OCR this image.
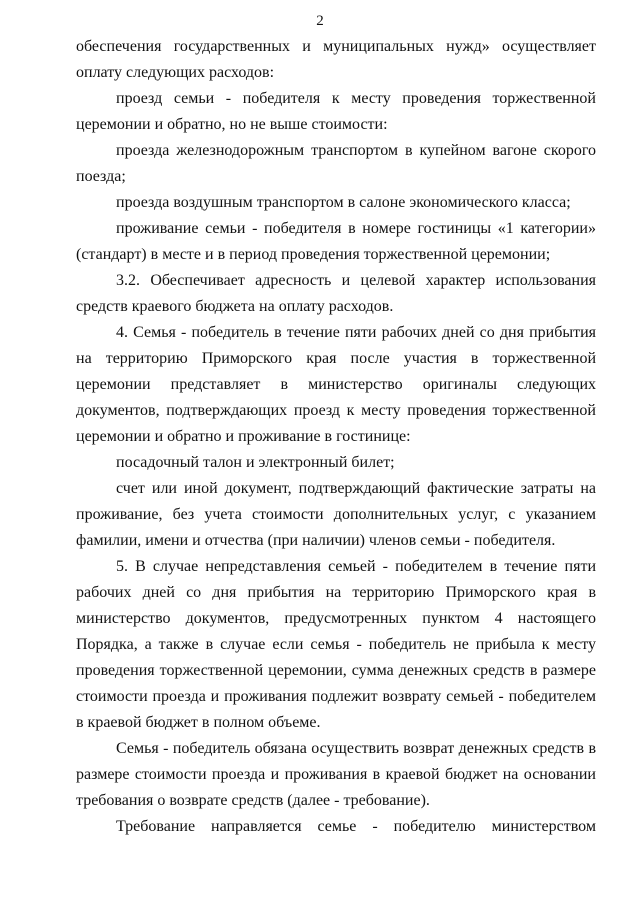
2

обеспечения государственных и муниципальных нужд» осуществляет оплату следующих расходов:

проезд семьи - победителя к месту проведения торжественной церемонии и обратно, но не выше стоимости:

проезда железнодорожным транспортом в купейном вагоне скорого поезда;

проезда воздушным транспортом в салоне экономического класса;

проживание семьи - победителя в номере гостиницы «1 категории» (стандарт) в месте и в период проведения торжественной церемонии;

3.2. Обеспечивает адресность и целевой характер использования средств краевого бюджета на оплату расходов.

4. Семья - победитель в течение пяти рабочих дней со дня прибытия на территорию Приморского края после участия в торжественной церемонии представляет в министерство оригиналы следующих документов, подтверждающих проезд к месту проведения торжественной церемонии и обратно и проживание в гостинице:

посадочный талон и электронный билет;

счет или иной документ, подтверждающий фактические затраты на проживание, без учета стоимости дополнительных услуг, с указанием фамилии, имени и отчества (при наличии) членов семьи - победителя.

5. В случае непредставления семьей - победителем в течение пяти рабочих дней со дня прибытия на территорию Приморского края в министерство документов, предусмотренных пунктом 4 настоящего Порядка, а также в случае если семья - победитель не прибыла к месту проведения торжественной церемонии, сумма денежных средств в размере стоимости проезда и проживания подлежит возврату семьей - победителем в краевой бюджет в полном объеме.

Семья - победитель обязана осуществить возврат денежных средств в размере стоимости проезда и проживания в краевой бюджет на основании требования о возврате средств (далее - требование).

Требование направляется семье - победителю министерством
